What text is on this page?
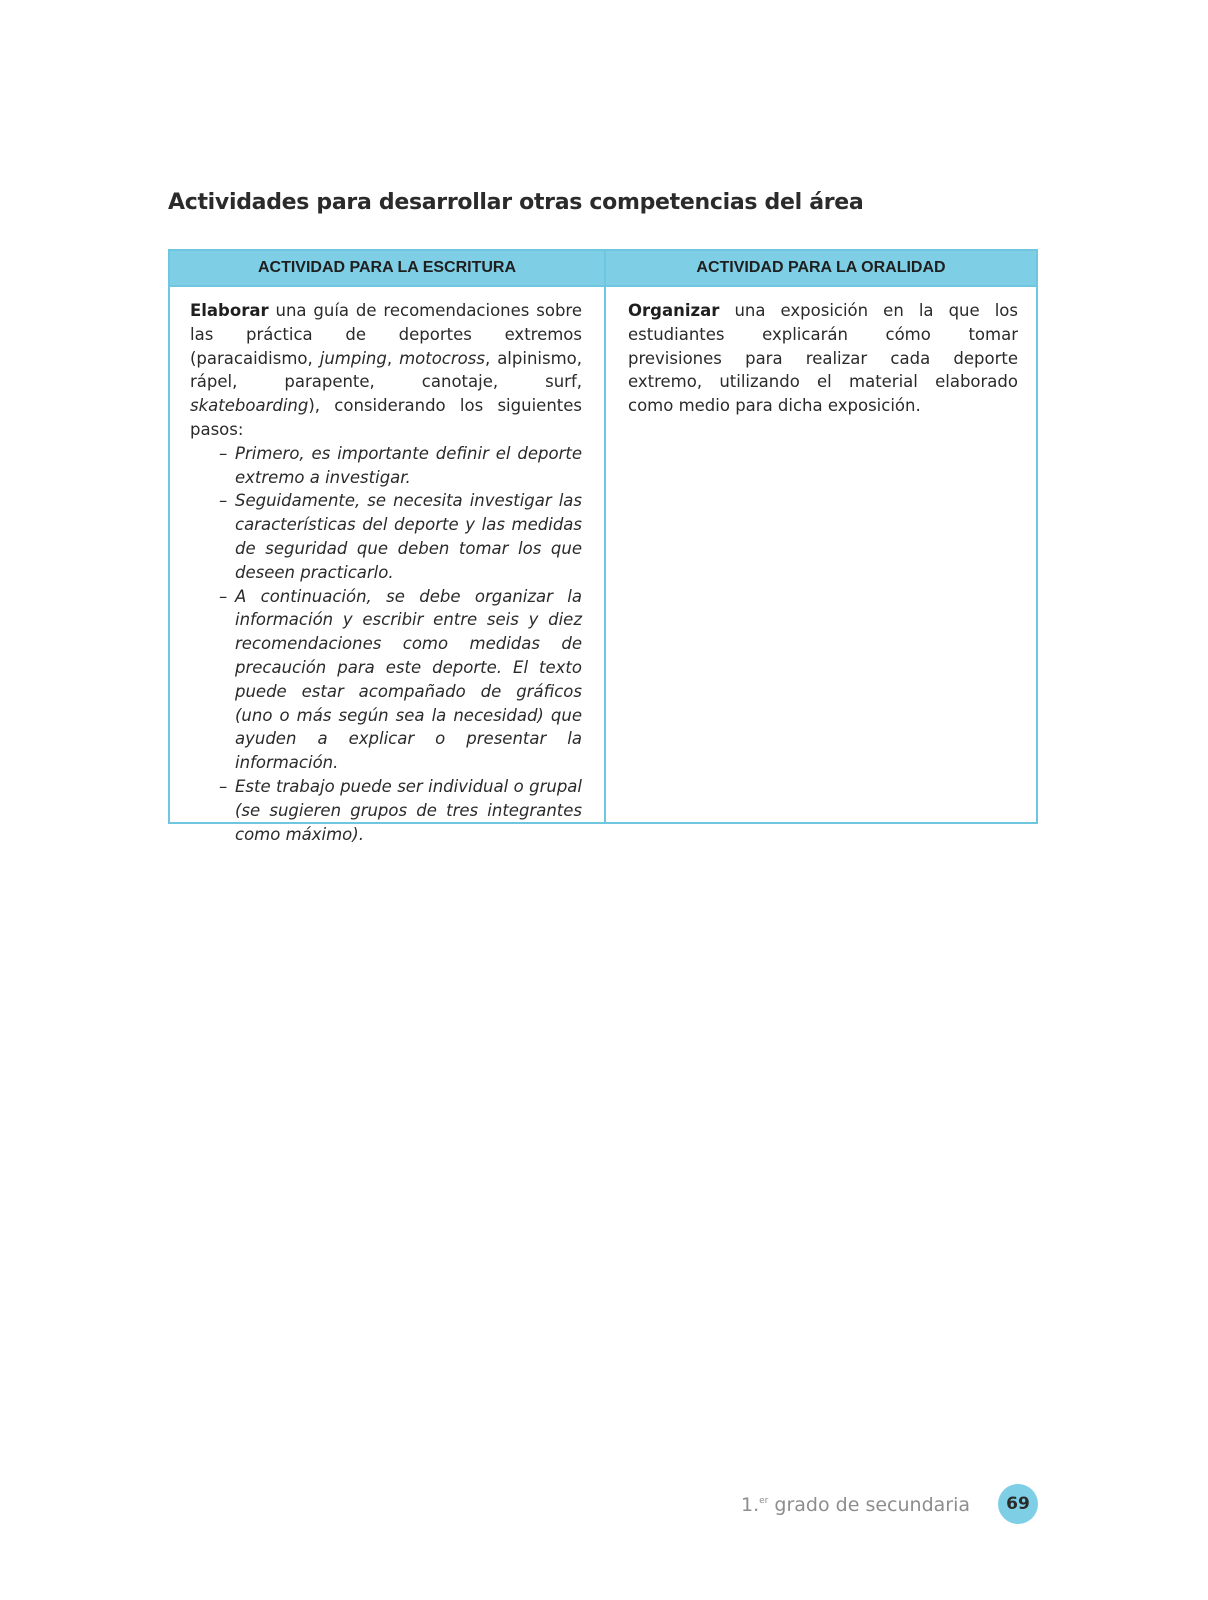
Actividades para desarrollar otras competencias del área
ACTIVIDAD PARA LA ESCRITURA
Elaborar una guía de recomendaciones sobre las práctica de deportes extremos (paracaidismo, jumping, motocross, alpinismo, rápel, parapente, canotaje, surf, skateboarding), considerando los siguientes pasos:
– Primero, es importante definir el deporte extremo a investigar.
– Seguidamente, se necesita investigar las características del deporte y las medidas de seguridad que deben tomar los que deseen practicarlo.
– A continuación, se debe organizar la información y escribir entre seis y diez recomendaciones como medidas de precaución para este deporte. El texto puede estar acompañado de gráficos (uno o más según sea la necesidad) que ayuden a explicar o presentar la información.
– Este trabajo puede ser individual o grupal (se sugieren grupos de tres integrantes como máximo).
ACTIVIDAD PARA LA ORALIDAD
Organizar una exposición en la que los estudiantes explicarán cómo tomar previsiones para realizar cada deporte extremo, utilizando el material elaborado como medio para dicha exposición.
1.$^{er}$ grado de secundaria	69
